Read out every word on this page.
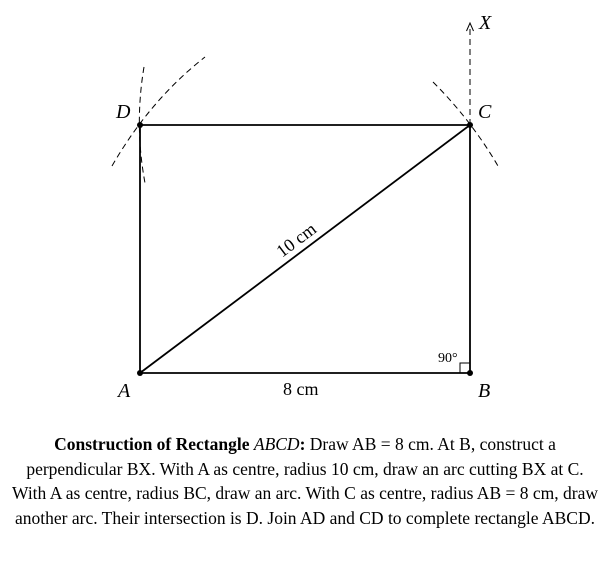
A	B
C
D
X
8 cm
10 cm
90°
Construction of Rectangle ABCD: Draw AB = 8 cm. At B, construct a perpendicular BX. With A as centre, radius 10 cm, draw an arc cutting BX at C. With A as centre, radius BC, draw an arc. With C as centre, radius AB = 8 cm, draw another arc. Their intersection is D. Join AD and CD to complete rectangle ABCD.
